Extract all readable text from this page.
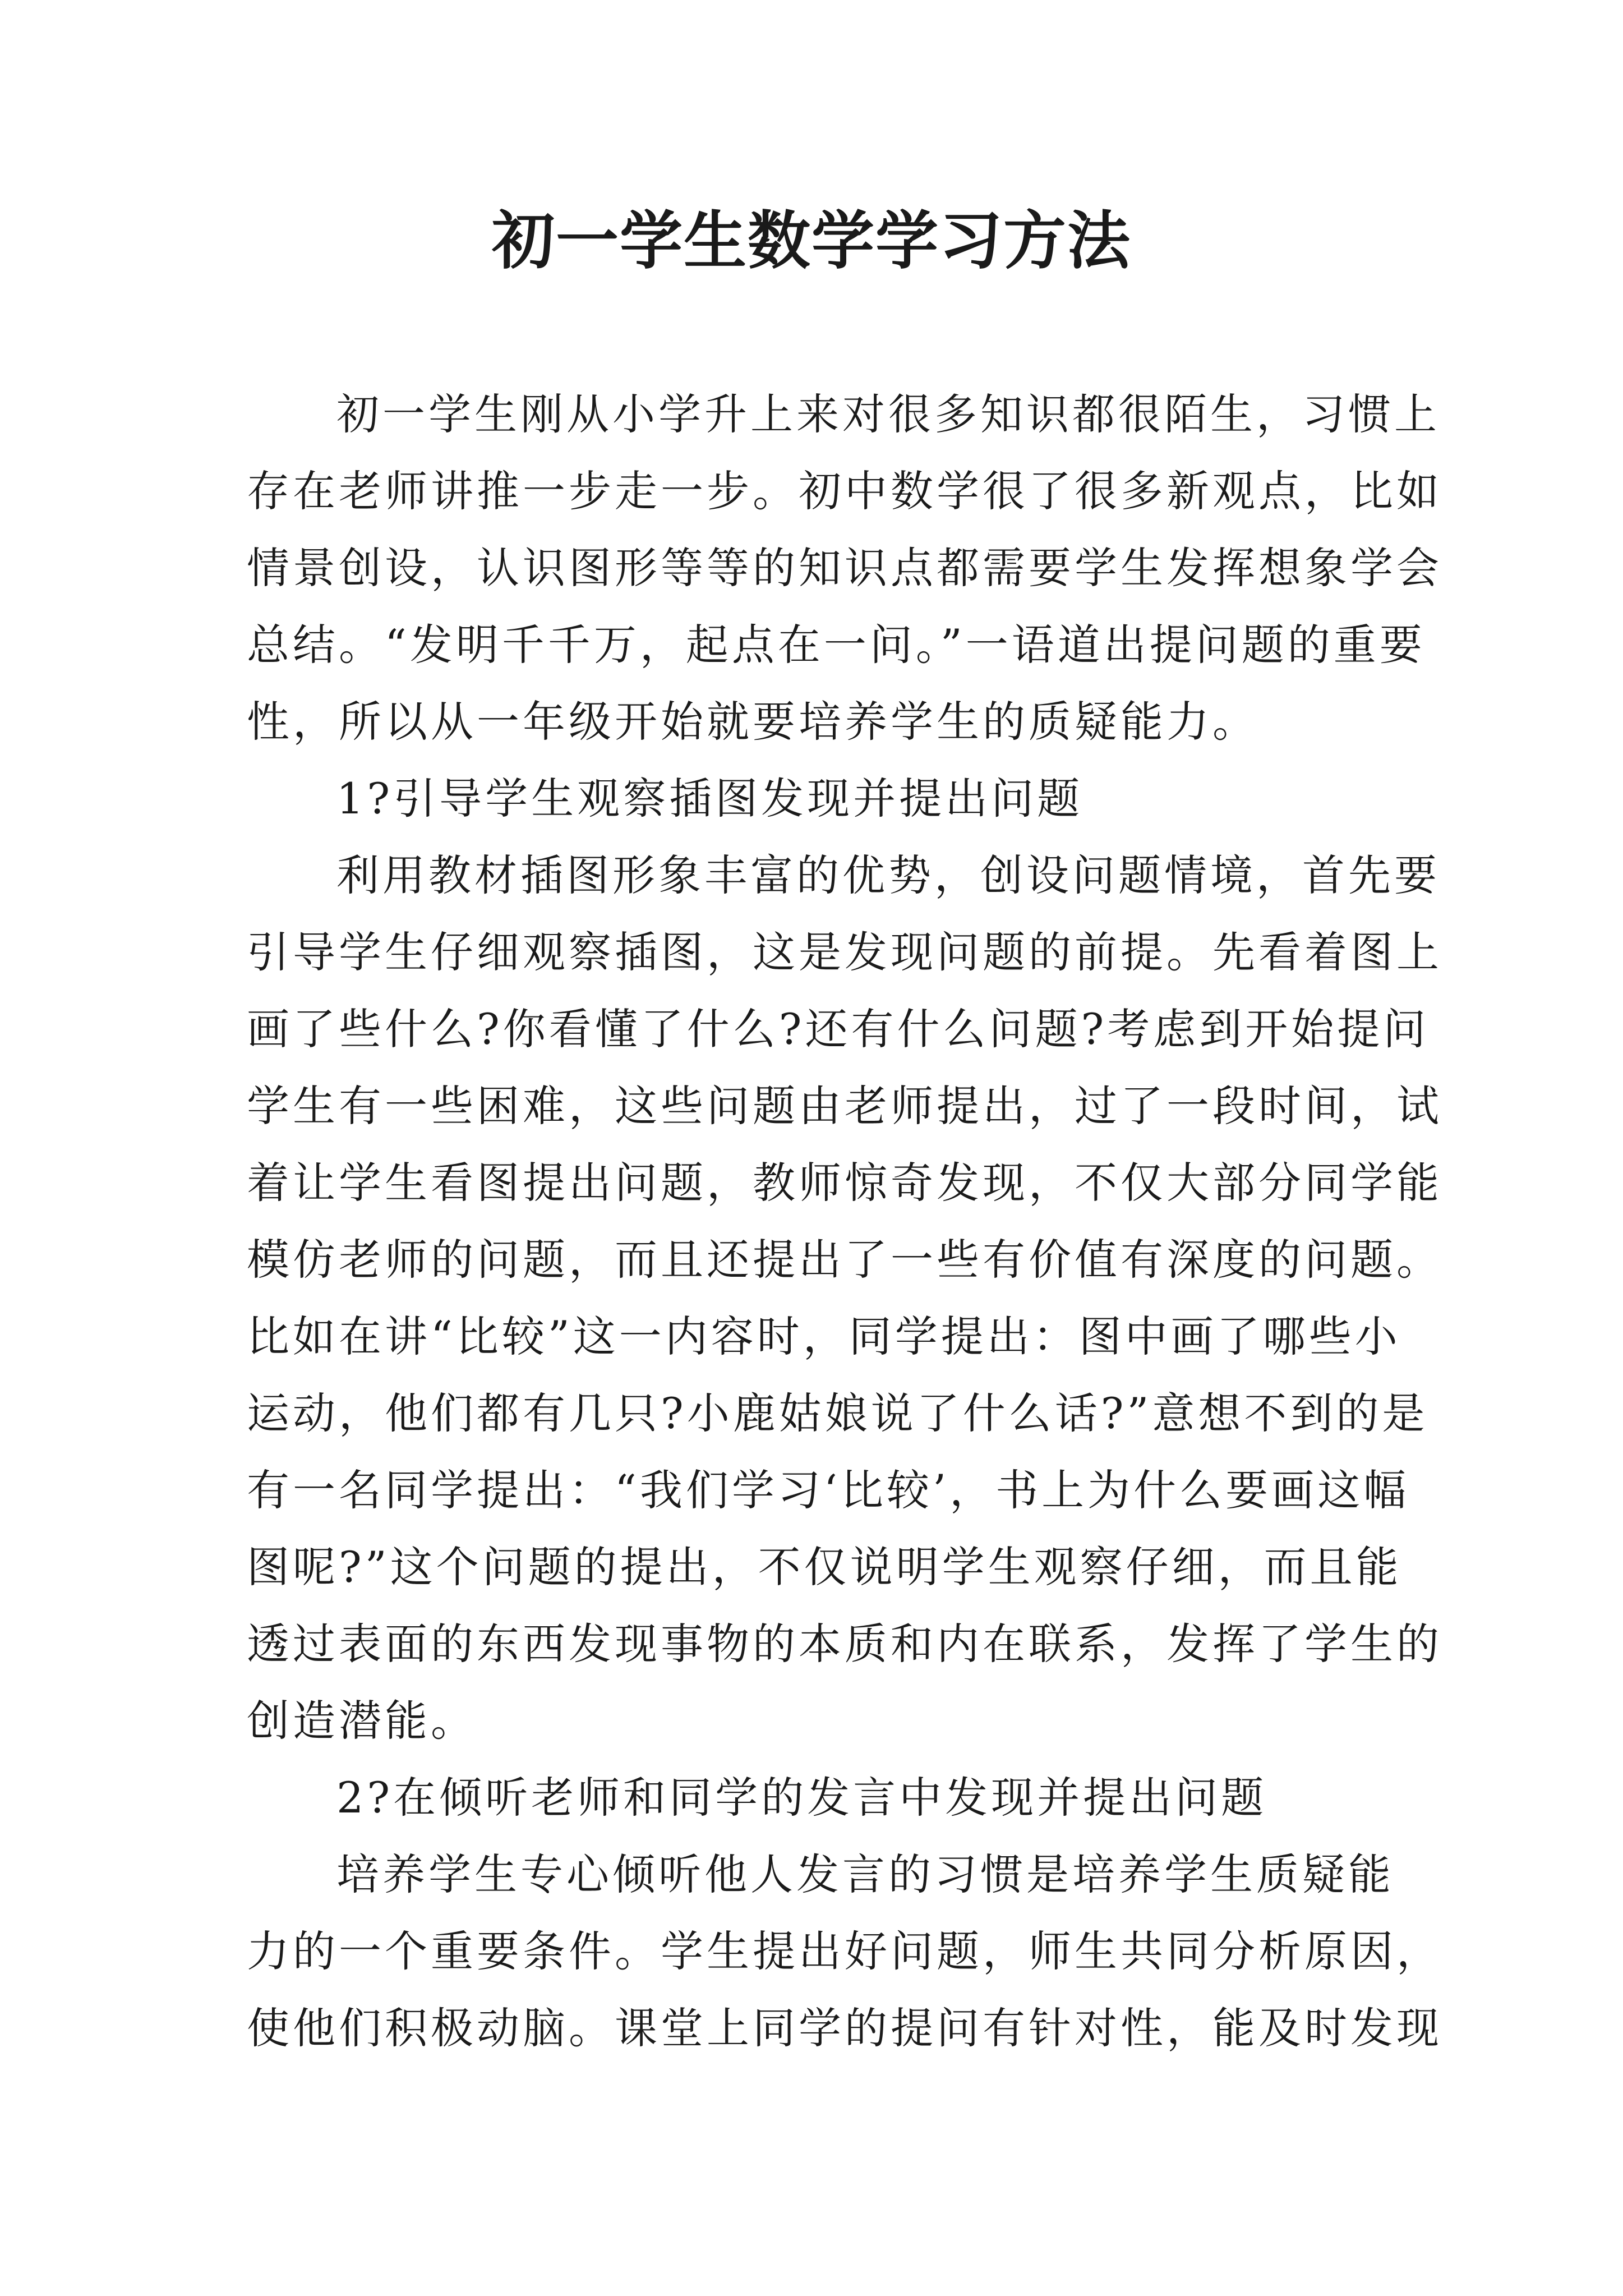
初一学生数学学习方法
初一学生刚从小学升上来对很多知识都很陌生，习惯上
存在老师讲推一步走一步。初中数学很了很多新观点，比如
情景创设，认识图形等等的知识点都需要学生发挥想象学会
总结。“发明千千万，起点在一问。”一语道出提问题的重要
性，所以从一年级开始就要培养学生的质疑能力。
1?引导学生观察插图发现并提出问题
利用教材插图形象丰富的优势，创设问题情境，首先要
引导学生仔细观察插图，这是发现问题的前提。先看着图上
画了些什么?你看懂了什么?还有什么问题?考虑到开始提问
学生有一些困难，这些问题由老师提出，过了一段时间，试
着让学生看图提出问题，教师惊奇发现，不仅大部分同学能
模仿老师的问题，而且还提出了一些有价值有深度的问题。
比如在讲“比较”这一内容时，同学提出：图中画了哪些小
运动，他们都有几只?小鹿姑娘说了什么话?”意想不到的是
有一名同学提出：“我们学习‘比较’，书上为什么要画这幅
图呢?”这个问题的提出，不仅说明学生观察仔细，而且能
透过表面的东西发现事物的本质和内在联系，发挥了学生的
创造潜能。
2?在倾听老师和同学的发言中发现并提出问题
培养学生专心倾听他人发言的习惯是培养学生质疑能
力的一个重要条件。学生提出好问题，师生共同分析原因，
使他们积极动脑。课堂上同学的提问有针对性，能及时发现
